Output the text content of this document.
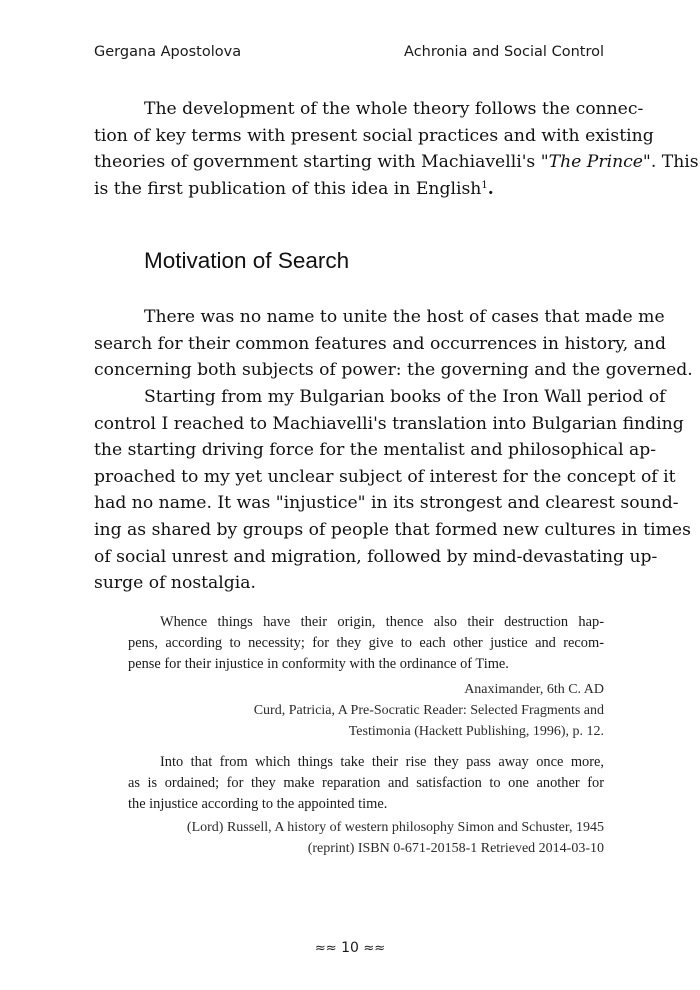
Gergana Apostolova	Achronia and Social Control
The development of the whole theory follows the connec-
tion of key terms with present social practices and with existing
theories of government starting with Machiavelli's "The Prince". This
is the first publication of this idea in English$^1$.
Motivation of Search
There was no name to unite the host of cases that made me
search for their common features and occurrences in history, and
concerning both subjects of power: the governing and the governed.
Starting from my Bulgarian books of the Iron Wall period of
control I reached to Machiavelli's translation into Bulgarian finding
the starting driving force for the mentalist and philosophical ap-
proached to my yet unclear subject of interest for the concept of it
had no name. It was "injustice" in its strongest and clearest sound-
ing as shared by groups of people that formed new cultures in times
of social unrest and migration, followed by mind-devastating up-
surge of nostalgia.
Whence things have their origin, thence also their destruction hap-
pens, according to necessity; for they give to each other justice and recom-
pense for their injustice in conformity with the ordinance of Time.
Anaximander, 6th C. AD
Curd, Patricia, A Pre-Socratic Reader: Selected Fragments and
Testimonia (Hackett Publishing, 1996), p. 12.
Into that from which things take their rise they pass away once more,
as is ordained; for they make reparation and satisfaction to one another for
the injustice according to the appointed time.
(Lord) Russell, A history of western philosophy Simon and Schuster, 1945
(reprint) ISBN 0-671-20158-1 Retrieved 2014-03-10
≈≈ 10 ≈≈
